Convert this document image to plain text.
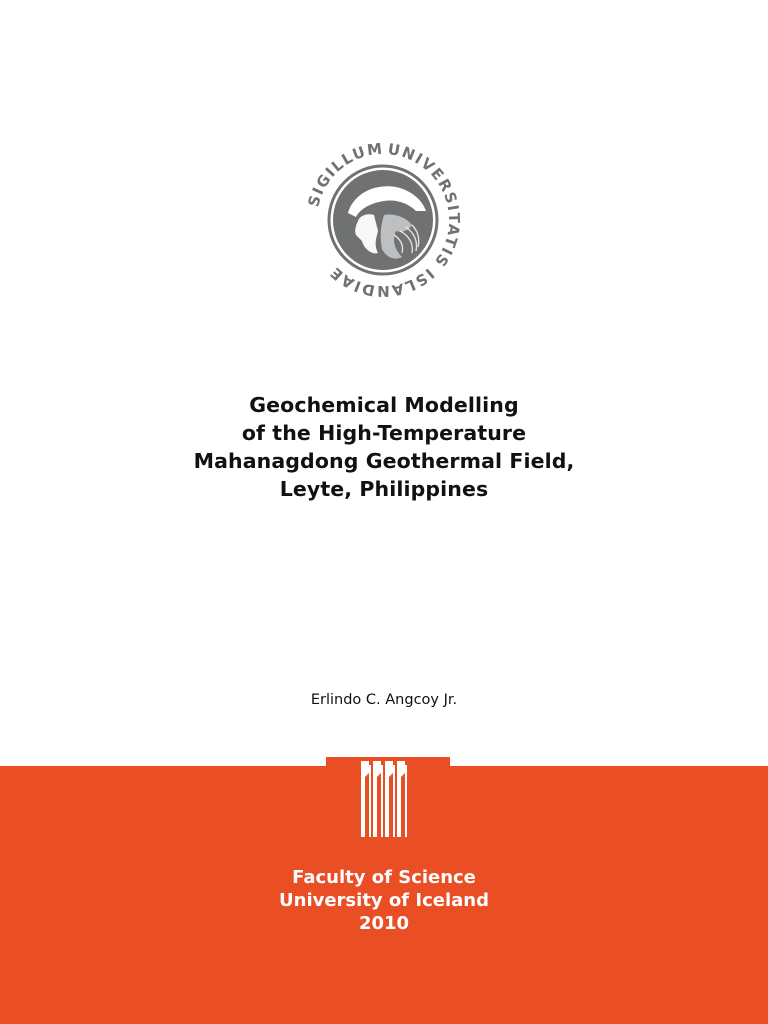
UNIVERSITATIS ISLANDIAE
SIGILLUM
Geochemical Modelling
of the High-Temperature
Mahanagdong Geothermal Field,
Leyte, Philippines
Erlindo C. Angcoy Jr.
Faculty of Science
University of Iceland
2010
